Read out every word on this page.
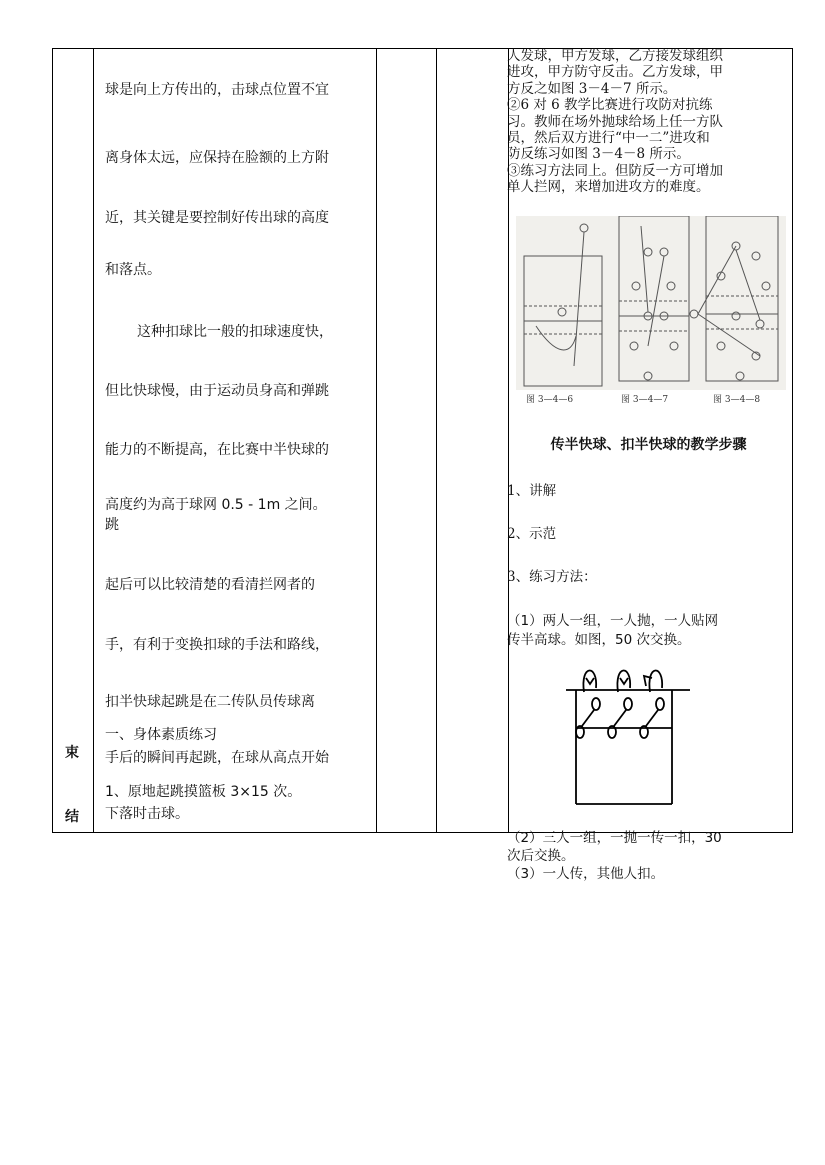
结
束
球是向上方传出的，击球点位置不宜
离身体太远，应保持在脸额的上方附
近，其关键是要控制好传出球的高度
和落点。
这种扣球比一般的扣球速度快，
但比快球慢，由于运动员身高和弹跳
能力的不断提高，在比赛中半快球的
高度约为高于球网 0.5 - 1m 之间。
跳
起后可以比较清楚的看清拦网者的
手，有利于变换扣球的手法和路线，
扣半快球起跳是在二传队员传球离
手后的瞬间再起跳，在球从高点开始
下落时击球。
一、身体素质练习

人发球，甲方发球，乙方接发球组织

进攻，甲方防守反击。乙方发球，甲

方反之如图 3－4－7 所示。

②6 对 6 教学比赛进行攻防对抗练

习。教师在场外抛球给场上任一方队

员，然后双方进行“中一二”进攻和

防反练习如图 3－4－8 所示。

③练习方法同上。但防反一方可增加

单人拦网，来增加进攻方的难度。

图 3—4—6	图 3—4—7	图 3—4—8
传半快球、扣半快球的教学步骤
1、讲解
2、示范
3、练习方法：
（1）两人一组，一人抛，一人贴网
传半高球。如图，50 次交换。
（2）三人一组，一抛一传一扣，30
次后交换。
（3）一人传，其他人扣。
1、原地起跳摸篮板 3×15 次。
